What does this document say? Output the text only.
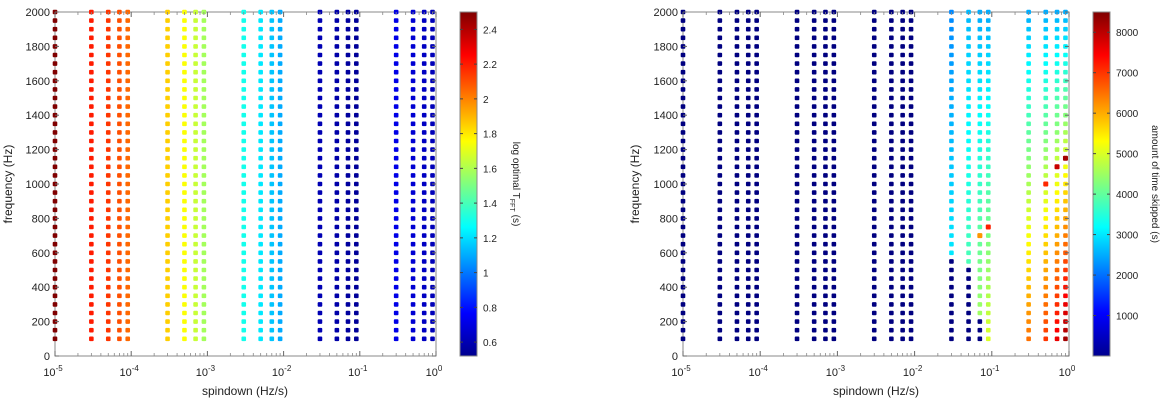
0
200
400
600
800
1000
1200
1400
1600
1800
2000
$10^{-5}$	$10^{-4}$	$10^{-3}$	$10^{-2}$	$10^{-1}$	$10^0$
spindown (Hz/s)
frequency (Hz)
0.6
0.8
1
1.2
1.4
1.6
1.8
2
2.2
2.4
log optimal $T_{FFT}(s)$
0
200
400
600
800
1000
1200
1400
1600
1800
2000
$10^{-5}$	$10^{-4}$	$10^{-3}$	$10^{-2}$	$10^{-1}$	$10^0$
spindown (Hz/s)
frequency (Hz)
1000
2000
3000
4000
5000
6000
7000
8000
amount of time skipped (s)
